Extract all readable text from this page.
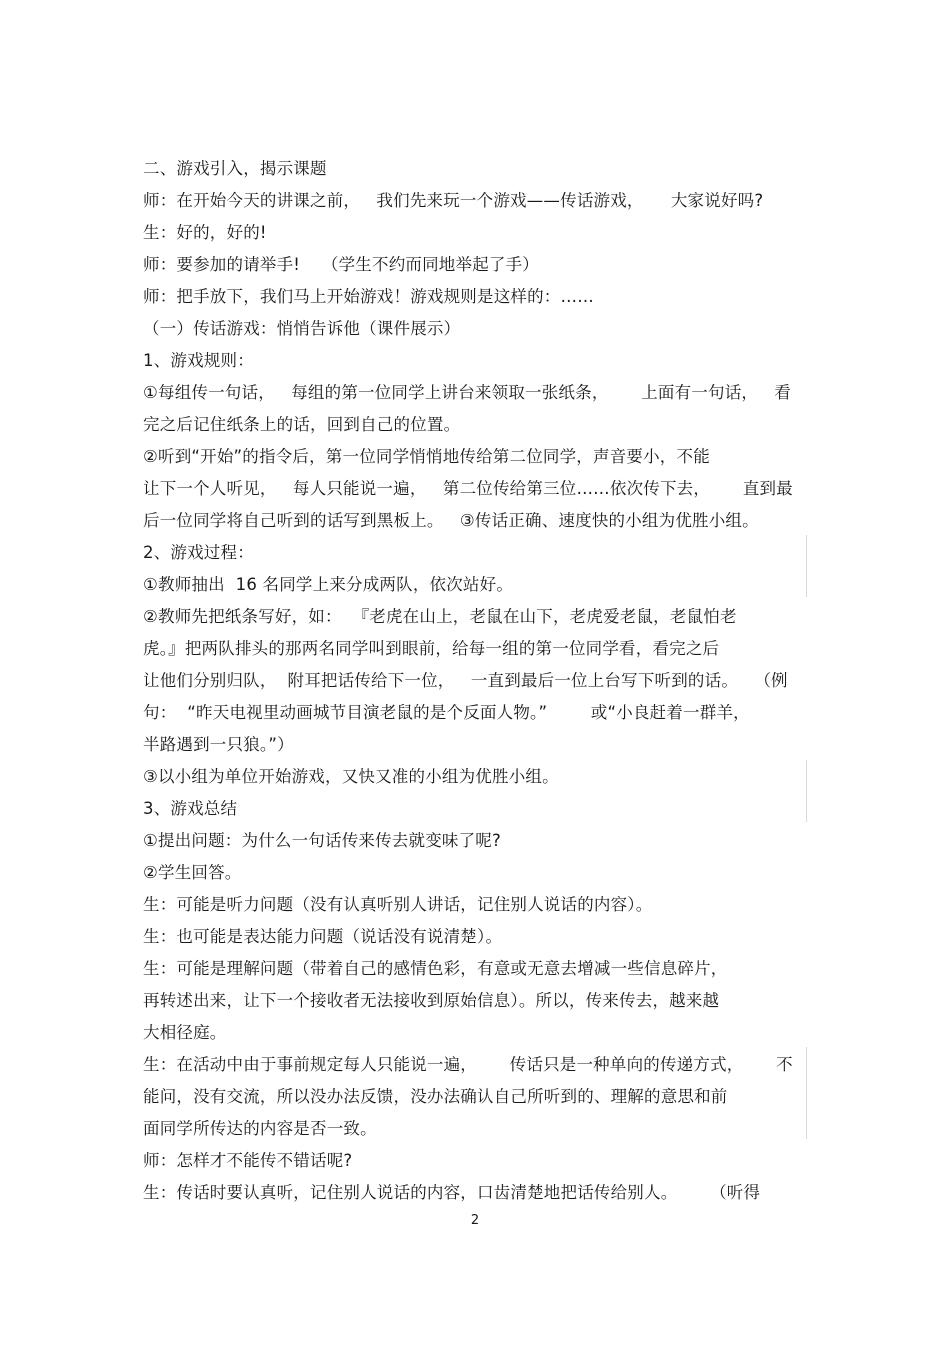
二、游戏引入，揭示课题
师：在开始今天的讲课之前，   我们先来玩一个游戏——传话游戏，     大家说好吗?
生：好的，好的!
师：要参加的请举手!    （学生不约而同地举起了手）
师：把手放下，我们马上开始游戏！游戏规则是这样的：……
（一）传话游戏：悄悄告诉他（课件展示）
1、游戏规则：
①每组传一句话，   每组的第一位同学上讲台来领取一张纸条，      上面有一句话，   看
完之后记住纸条上的话，回到自己的位置。
②听到“开始”的指令后，第一位同学悄悄地传给第二位同学，声音要小，不能
让下一个人听见，   每人只能说一遍，   第二位传给第三位……依次传下去，      直到最
后一位同学将自己听到的话写到黑板上。   ③传话正确、速度快的小组为优胜小组。
2、游戏过程：
①教师抽出  16 名同学上来分成两队，依次站好。
②教师先把纸条写好，如：  『老虎在山上，老鼠在山下，老虎爱老鼠，老鼠怕老
虎。』把两队排头的那两名同学叫到眼前，给每一组的第一位同学看，看完之后
让他们分别归队，  附耳把话传给下一位，   一直到最后一位上台写下听到的话。   （例
句：  “昨天电视里动画城节目演老鼠的是个反面人物。”        或“小良赶着一群羊，
半路遇到一只狼。”）
③以小组为单位开始游戏，又快又准的小组为优胜小组。
3、游戏总结
①提出问题：为什么一句话传来传去就变味了呢?
②学生回答。
生：可能是听力问题（没有认真听别人讲话，记住别人说话的内容）。
生：也可能是表达能力问题（说话没有说清楚）。
生：可能是理解问题（带着自己的感情色彩，有意或无意去增减一些信息碎片，
再转述出来，让下一个接收者无法接收到原始信息）。所以，传来传去，越来越
大相径庭。
生：在活动中由于事前规定每人只能说一遍，      传话只是一种单向的传递方式，      不
能问，没有交流，所以没办法反馈，没办法确认自己所听到的、理解的意思和前
面同学所传达的内容是否一致。
师：怎样才不能传不错话呢?
生：传话时要认真听，记住别人说话的内容，口齿清楚地把话传给别人。      （听得
2
